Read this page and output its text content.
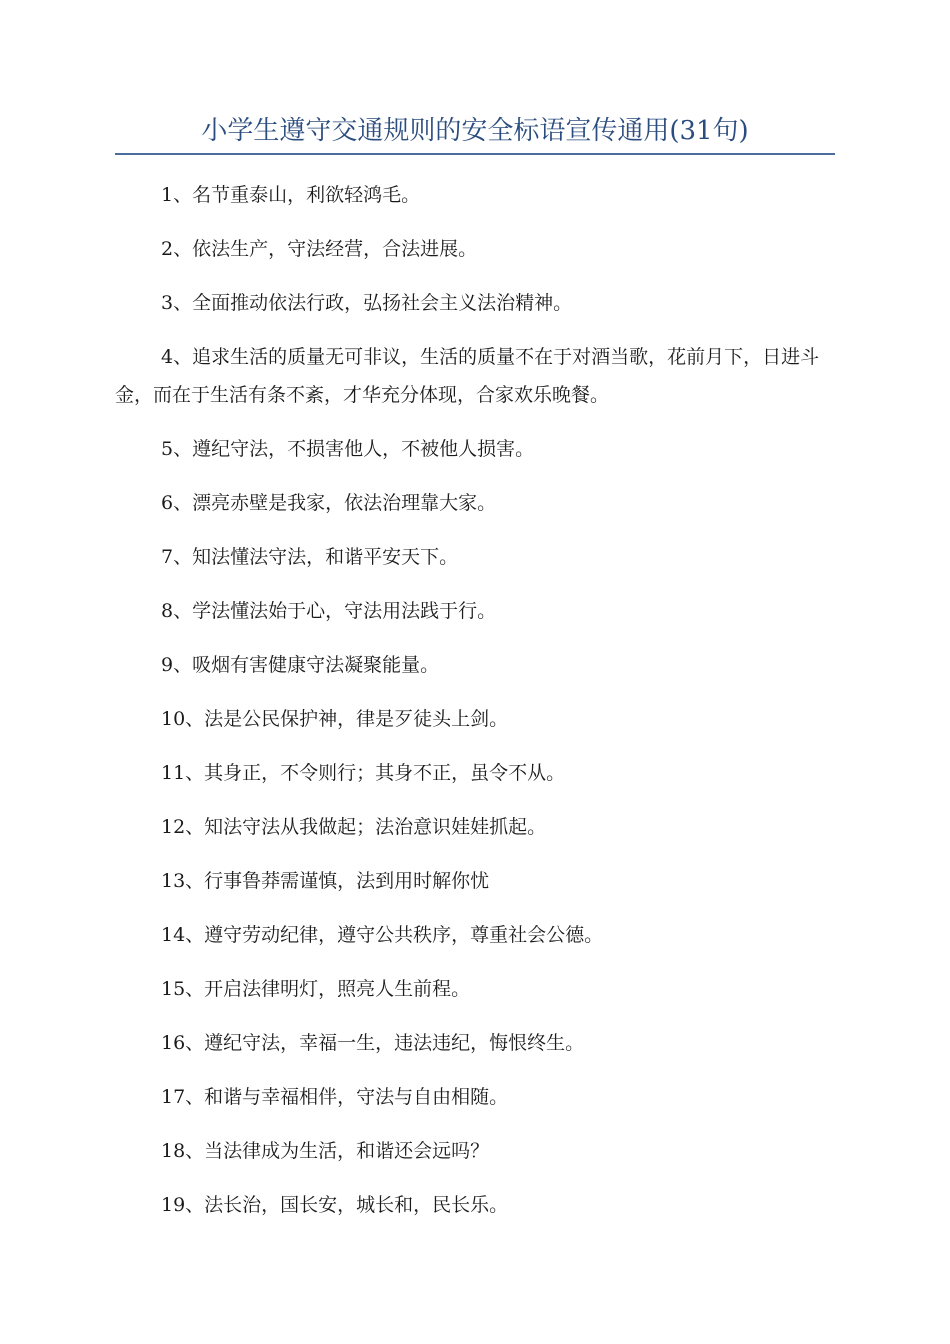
小学生遵守交通规则的安全标语宣传通用(31句)

1、名节重泰山，利欲轻鸿毛。

2、依法生产，守法经营，合法进展。

3、全面推动依法行政，弘扬社会主义法治精神。

4、追求生活的质量无可非议，生活的质量不在于对酒当歌，花前月下，日进斗金，而在于生活有条不紊，才华充分体现，合家欢乐晚餐。

5、遵纪守法，不损害他人，不被他人损害。

6、漂亮赤壁是我家，依法治理靠大家。

7、知法懂法守法，和谐平安天下。

8、学法懂法始于心，守法用法践于行。

9、吸烟有害健康守法凝聚能量。

10、法是公民保护神，律是歹徒头上剑。

11、其身正，不令则行；其身不正，虽令不从。

12、知法守法从我做起；法治意识娃娃抓起。

13、行事鲁莽需谨慎，法到用时解你忧

14、遵守劳动纪律，遵守公共秩序，尊重社会公德。

15、开启法律明灯，照亮人生前程。

16、遵纪守法，幸福一生，违法违纪，悔恨终生。

17、和谐与幸福相伴，守法与自由相随。

18、当法律成为生活，和谐还会远吗？

19、法长治，国长安，城长和，民长乐。
